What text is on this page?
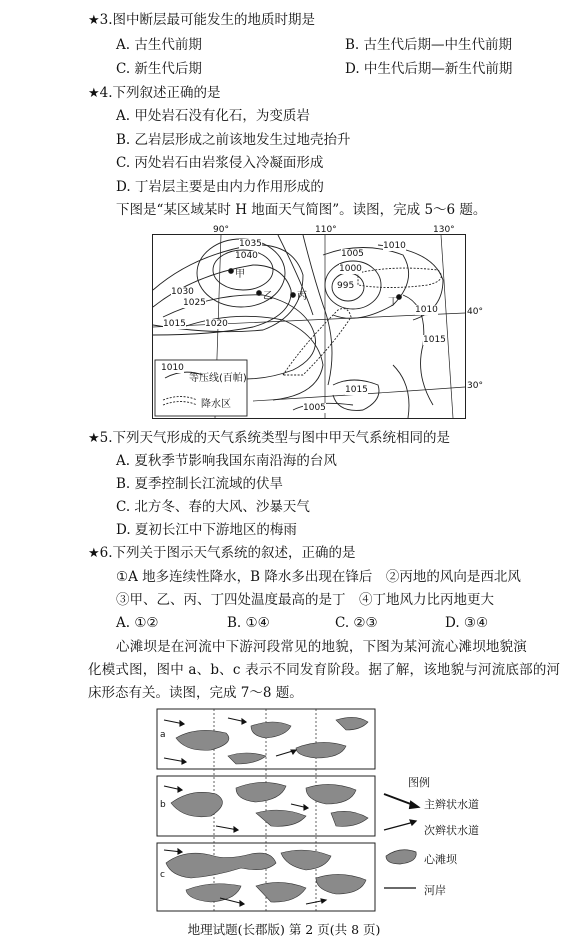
★3.图中断层最可能发生的地质时期是
A. 古生代前期	B. 古生代后期—中生代前期
C. 新生代后期	D. 中生代后期—新生代前期
★4.下列叙述正确的是
A. 甲处岩石没有化石，为变质岩
B. 乙岩层形成之前该地发生过地壳抬升
C. 丙处岩石由岩浆侵入冷凝面形成
D. 丁岩层主要是由内力作用形成的
下图是“某区域某时 H 地面天气简图”。读图，完成 5～6 题。
90°	110°	130°
1035
1040
1030
1025
1020
1015
1010
1005
1000
995
1010
1010
1015
1015
1005
甲
乙 丙
丁
40°
30°
等压线(百帕)
降水区
★5.下列天气形成的天气系统类型与图中甲天气系统相同的是
A. 夏秋季节影响我国东南沿海的台风
B. 夏季控制长江流域的伏旱
C. 北方冬、春的大风、沙暴天气
D. 夏初长江中下游地区的梅雨
★6.下列关于图示天气系统的叙述，正确的是
①A 地多连续性降水，B 降水多出现在锋后　②丙地的风向是西北风
③甲、乙、丙、丁四处温度最高的是丁　④丁地风力比丙地更大
A. ①②	B. ①④	C. ②③	D. ③④
心滩坝是在河流中下游河段常见的地貌，下图为某河流心滩坝地貌演
化模式图，图中 a、b、c 表示不同发育阶段。据了解，该地貌与河流底部的河
床形态有关。读图，完成 7～8 题。
a
b
c
图例
主辫状水道
次辫状水道
心滩坝
河岸
地理试题(长郡版) 第 2 页(共 8 页)
